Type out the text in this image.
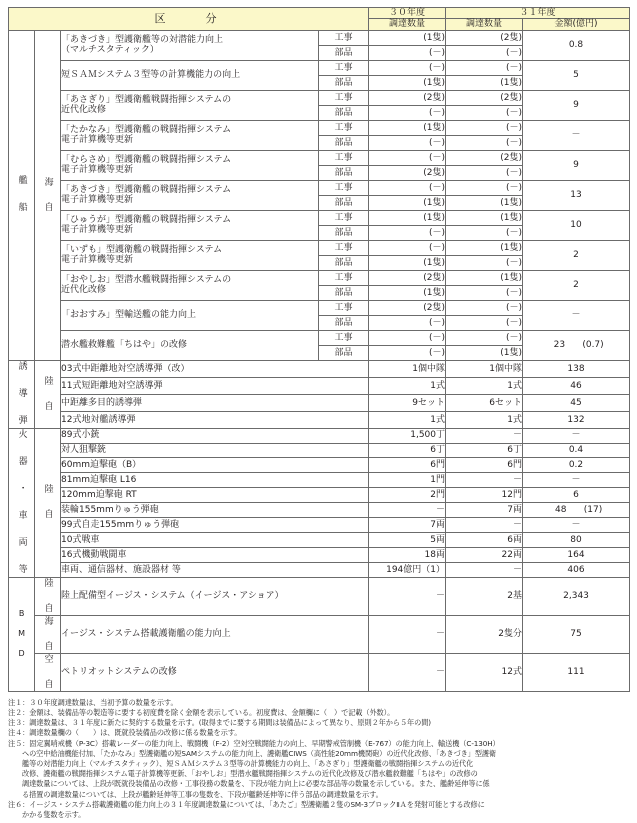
区　　分				３０年度	３１年度	
				調達数量	調達数量	金額(億円)
艦 船	海 自	「あきづき」型護衛艦等の対潜能力向上
（マルチスタティック）	工事	(1隻)	(2隻)	0.8

			部品	(－)	(－)	

		短ＳＡＭシステム３型等の計算機能力の向上	工事	(－)	(－)	5

			部品	(1隻)	(1隻)	

		「あさぎり」型護衛艦戦闘指揮システムの
近代化改修	工事	(2隻)	(2隻)	9

			部品	(－)	(－)	

		「たかなみ」型護衛艦の戦闘指揮システム
電子計算機等更新	工事	(1隻)	(－)	－

			部品	(－)	(－)	

		「むらさめ」型護衛艦の戦闘指揮システム
電子計算機等更新	工事	(－)	(2隻)	9

			部品	(2隻)	(－)	

		「あきづき」型護衛艦の戦闘指揮システム
電子計算機等更新	工事	(－)	(－)	13

			部品	(1隻)	(1隻)	

		「ひゅうが」型護衛艦の戦闘指揮システム
電子計算機等更新	工事	(1隻)	(1隻)	10

			部品	(－)	(－)	

		「いずも」型護衛艦の戦闘指揮システム
電子計算機等更新	工事	(－)	(1隻)	2

			部品	(1隻)	(－)	

		「おやしお」型潜水艦戦闘指揮システムの
近代化改修	工事	(2隻)	(1隻)	2

			部品	(1隻)	(－)	

		「おおすみ」型輸送艦の能力向上	工事	(2隻)	(－)	－

			部品	(－)	(－)	

		潜水艦救難艦「ちはや」の改修	工事	(－)	(－)	23 (0.7)

			部品	(－)	(1隻)	
誘 導 弾	陸 自	03式中距離地対空誘導弾（改）		1個中隊	1個中隊	138

		11式短距離地対空誘導弾		1式	1式	46

		中距離多目的誘導弾		9セット	6セット	45

		12式地対艦誘導弾		1式	1式	132

火 器 ・ 車 両 等	陸 自	89式小銃		1,500丁	－	－

		対人狙撃銃		6丁	6丁	0.4

		60mm迫撃砲（B）		6門	6門	0.2

		81mm迫撃砲 L16		1門	－	－

		120mm迫撃砲 RT		2門	12門	6

		装輪155mmりゅう弾砲		－	7両	48 (17)

		99式自走155mmりゅう弾砲		7両	－	－

		10式戦車		5両	6両	80

		16式機動戦闘車		18両	22両	164

		車両、通信器材、施設器材 等		194億円（1）	－	406

B M D	陸 自	陸上配備型イージス・システム（イージス・アショア）		－	2基	2,343

	海 自	イージス・システム搭載護衛艦の能力向上		－	2隻分	75

	空 自	ペトリオットシステムの改修		－	12式	111
注１：３０年度調達数量は、当初予算の数量を示す。
注２：金額は、装備品等の製造等に要する初度費を除く金額を表示している。初度費は、金額欄に（　）で記載（外数）。
注３：調達数量は、３１年度に新たに契約する数量を示す。(取得までに要する期間は装備品によって異なり、原則２年から５年の間)
注４：調達数量欄の（　　）は、既就役装備品の改修に係る数量を示す。
注５：固定翼哨戒機（P-3C）搭載レーダーの能力向上、戦闘機（F-2）空対空戦闘能力の向上、早期警戒管制機（E-767）の能力向上、輸送機（C-130H）
への空中給油機能付加、「たかなみ」型護衛艦の短SAMシステムの能力向上、護衛艦CIWS（高性能20mm機関砲）の近代化改修、「あきづき」型護衛
艦等の対潜能力向上（マルチスタティック）、短ＳＡＭシステム３型等の計算機能力の向上、「あさぎり」型護衛艦の戦闘指揮システムの近代化
改修、護衛艦の戦闘指揮システム電子計算機等更新、「おやしお」型潜水艦戦闘指揮システムの近代化改修及び潜水艦救難艦「ちはや」の改修の
調達数量については、上段が既就役装備品の改修・工事役務の数量を、下段が能力向上に必要な部品等の数量を示している。また、艦齢延伸等に係
る措置の調達数量については、上段が艦齢延伸等工事の隻数を、下段が艦齢延伸等に伴う部品の調達数量を示す。
注６：イージス・システム搭載護衛艦の能力向上の３１年度調達数量については、「あたご」型護衛艦２隻のSM-3ブロックⅡＡを発射可能とする改修に
かかる隻数を示す。
